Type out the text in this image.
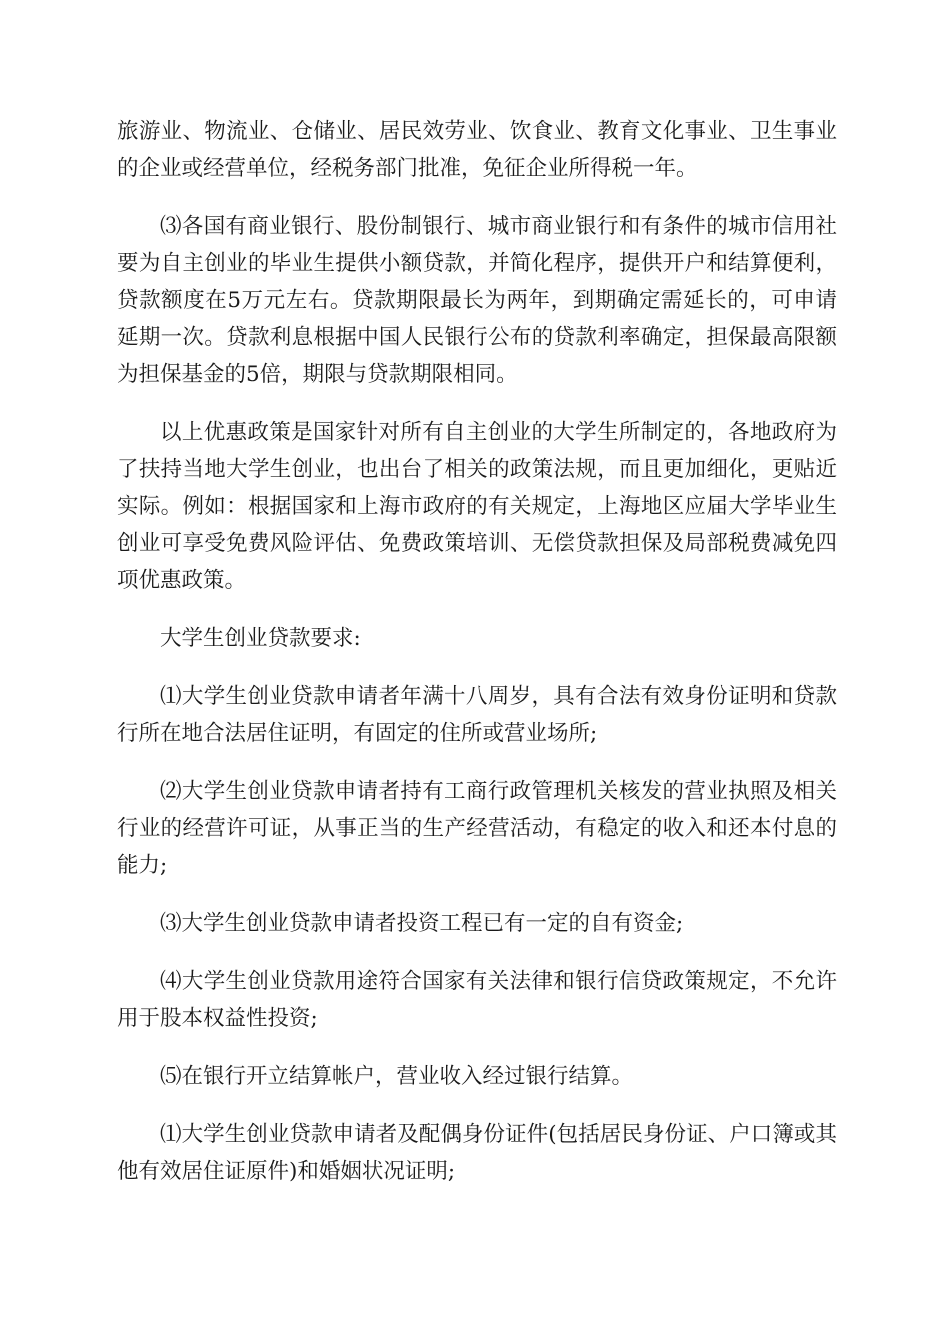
旅游业、物流业、仓储业、居民效劳业、饮食业、教育文化事业、卫生事业的企业或经营单位，经税务部门批准，免征企业所得税一年。

⑶各国有商业银行、股份制银行、城市商业银行和有条件的城市信用社要为自主创业的毕业生提供小额贷款，并简化程序，提供开户和结算便利，贷款额度在5万元左右。贷款期限最长为两年，到期确定需延长的，可申请延期一次。贷款利息根据中国人民银行公布的贷款利率确定，担保最高限额为担保基金的5倍，期限与贷款期限相同。

以上优惠政策是国家针对所有自主创业的大学生所制定的，各地政府为了扶持当地大学生创业，也出台了相关的政策法规，而且更加细化，更贴近实际。例如：根据国家和上海市政府的有关规定，上海地区应届大学毕业生创业可享受免费风险评估、免费政策培训、无偿贷款担保及局部税费减免四项优惠政策。

大学生创业贷款要求:

⑴大学生创业贷款申请者年满十八周岁，具有合法有效身份证明和贷款行所在地合法居住证明，有固定的住所或营业场所;

⑵大学生创业贷款申请者持有工商行政管理机关核发的营业执照及相关行业的经营许可证，从事正当的生产经营活动，有稳定的收入和还本付息的能力;

⑶大学生创业贷款申请者投资工程已有一定的自有资金;

⑷大学生创业贷款用途符合国家有关法律和银行信贷政策规定，不允许用于股本权益性投资;

⑸在银行开立结算帐户，营业收入经过银行结算。

⑴大学生创业贷款申请者及配偶身份证件(包括居民身份证、户口簿或其他有效居住证原件)和婚姻状况证明;
